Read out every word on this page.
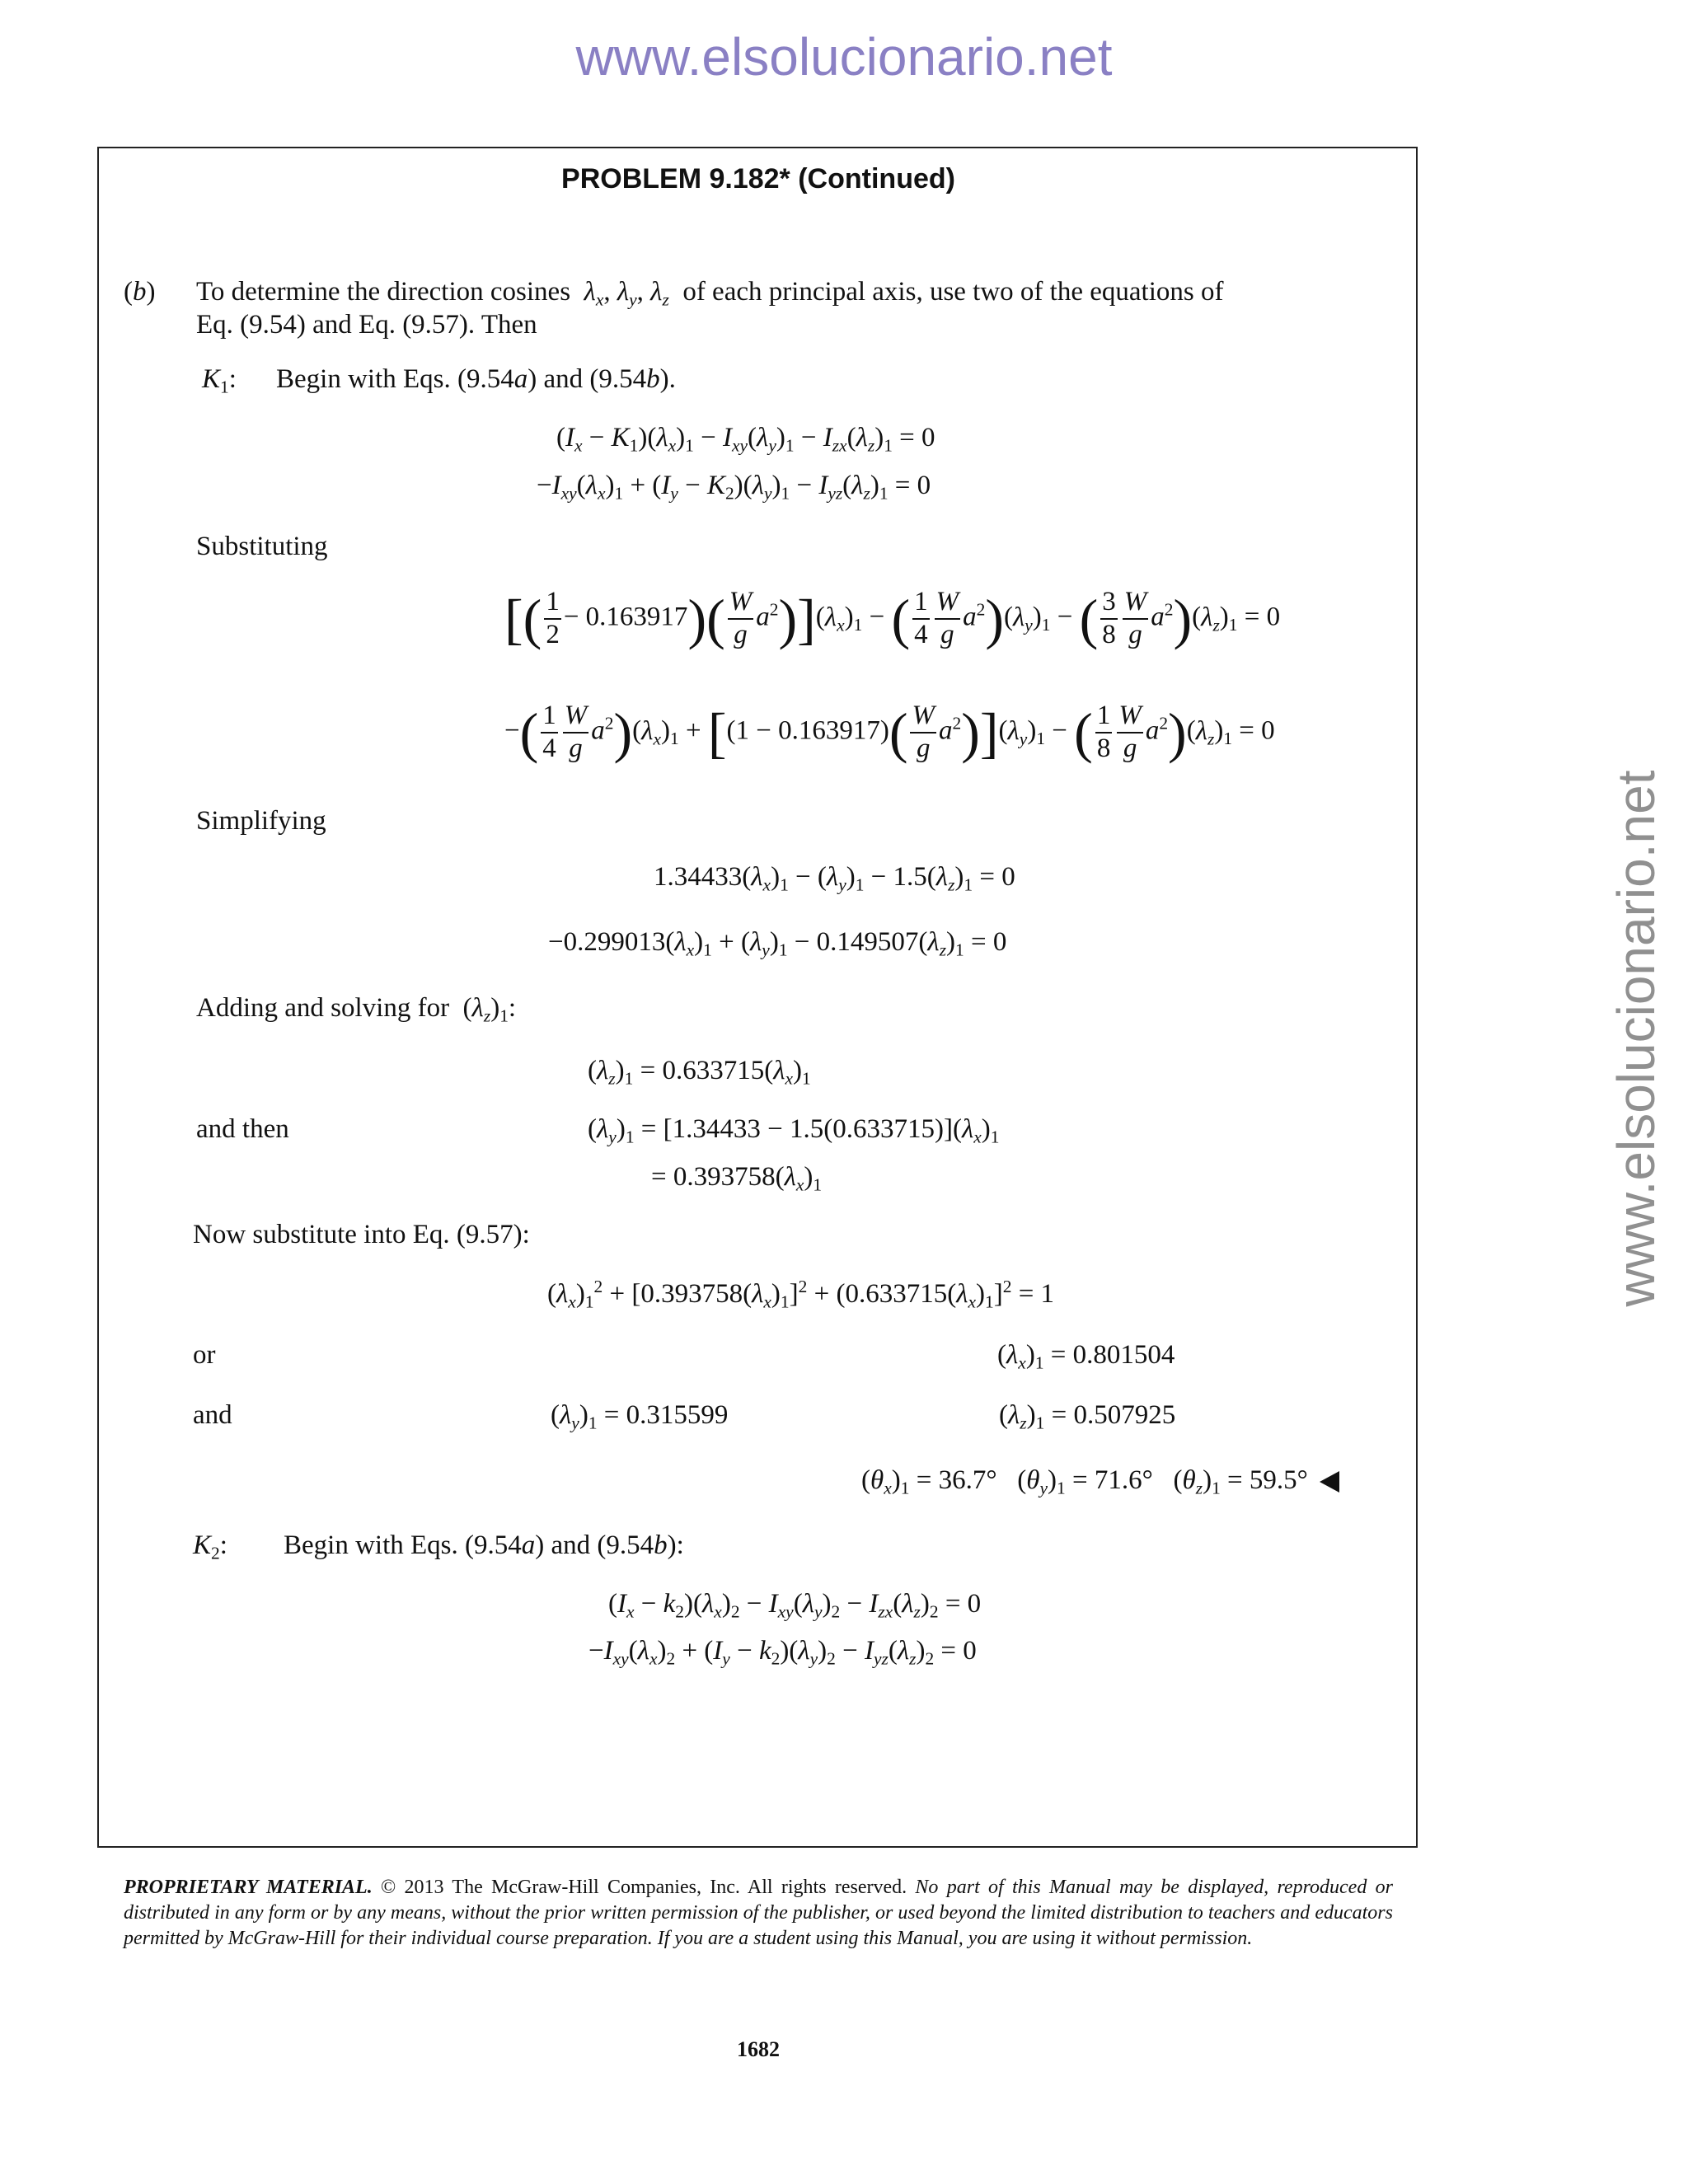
www.elsolucionario.net
www.elsolucionario.net
PROBLEM 9.182* (Continued)
(b) To determine the direction cosines  $\lambda_x$, $\lambda_y$, $\lambda_z$  of each principal axis, use two of the equations of
Eq. (9.54) and Eq. (9.57). Then
$K_1$: Begin with Eqs. (9.54a) and (9.54b).
$(I_x - K_1)(\lambda_x)_1 - I_{xy}(\lambda_y)_1 - I_{zx}(\lambda_z)_1 = 0$
$-I_{xy}(\lambda_x)_1 + (I_y - K_2)(\lambda_y)_1 - I_{yz}(\lambda_z)_1 = 0$
Substituting
[( $\frac{1}{2} - 0.163917)( \frac{W}{g} a^2)](\lambda_x)_1$ − ( $\frac{1}{4} \frac{W}{g} a^2)(\lambda_y)_1$ − ( $\frac{3}{8} \frac{W}{g} a^2)(\lambda_z)_1 = 0$
−( $\frac{1}{4} \frac{W}{g} a^2)(\lambda_x)_1 + [(1 - 0.163917)( \frac{W}{g} a^2)](\lambda_y)_1$ − ( $\frac{1}{8} \frac{W}{g} a^2)(\lambda_z)_1 = 0$
Simplifying
$1.34433(\lambda_x)_1 - (\lambda_y)_1 - 1.5(\lambda_z)_1 = 0$
$-0.299013(\lambda_x)_1 + (\lambda_y)_1 - 0.149507(\lambda_z)_1 = 0$
Adding and solving for  $(\lambda_z)_1$:
$(\lambda_z)_1 = 0.633715(\lambda_x)_1$
and then	$(\lambda_y)_1 = [1.34433 - 1.5(0.633715)](\lambda_x)_1$
= $0.393758(\lambda_x)_1$
Now substitute into Eq. (9.57):
$(\lambda_x)_1^2 + [0.393758(\lambda_x)_1]^2 + (0.633715(\lambda_x)_1]^2 = 1$
or	$(\lambda_x)_1 = 0.801504$
and	$(\lambda_y)_1 = 0.315599$	$(\lambda_z)_1 = 0.507925$
$(\theta_x)_1 = 36.7^\circ$   $(\theta_y)_1 = 71.6^\circ$   $(\theta_z)_1 = 59.5^\circ$
$K_2$: Begin with Eqs. (9.54a) and (9.54b):
$(I_x - k_2)(\lambda_x)_2 - I_{xy}(\lambda_y)_2 - I_{zx}(\lambda_z)_2 = 0$
$-I_{xy}(\lambda_x)_2 + (I_y - k_2)(\lambda_y)_2 - I_{yz}(\lambda_z)_2 = 0$
PROPRIETARY MATERIAL. © 2013 The McGraw-Hill Companies, Inc. All rights reserved. No part of this Manual may be displayed, reproduced or distributed in any form or by any means, without the prior written permission of the publisher, or used beyond the limited distribution to teachers and educators permitted by McGraw-Hill for their individual course preparation. If you are a student using this Manual, you are using it without permission.
1682
